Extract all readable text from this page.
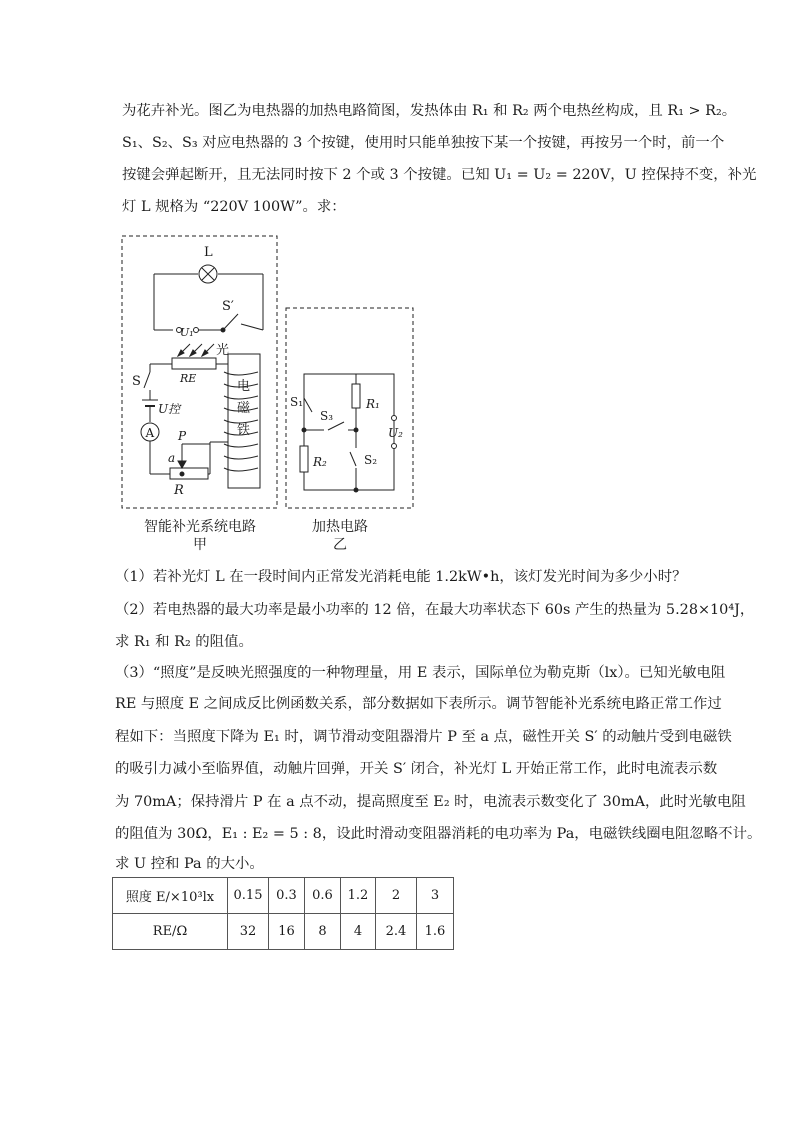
为花卉补光。图乙为电热器的加热电路简图，发热体由 R₁ 和 R₂ 两个电热丝构成，且 R₁ > R₂。
S₁、S₂、S₃ 对应电热器的 3 个按键，使用时只能单独按下某一个按键，再按另一个时，前一个
按键会弹起断开，且无法同时按下 2 个或 3 个按键。已知 U₁ = U₂ = 220V，U 控保持不变，补光
灯 L 规格为 “220V 100W”。求：
L
U₁
S′
光
RE
S
U控
A P
a
R
电
磁
铁
S₁
S₃
R₁
U₂
R₂	S₂
智能补光系统电路
甲
加热电路
乙
（1）若补光灯 L 在一段时间内正常发光消耗电能 1.2kW•h，该灯发光时间为多少小时？
（2）若电热器的最大功率是最小功率的 12 倍，在最大功率状态下 60s 产生的热量为 5.28×10⁴J，
求 R₁ 和 R₂ 的阻值。
（3）“照度”是反映光照强度的一种物理量，用 E 表示，国际单位为勒克斯（lx）。已知光敏电阻
RE 与照度 E 之间成反比例函数关系，部分数据如下表所示。调节智能补光系统电路正常工作过
程如下：当照度下降为 E₁ 时，调节滑动变阻器滑片 P 至 a 点，磁性开关 S′ 的动触片受到电磁铁
的吸引力减小至临界值，动触片回弹，开关 S′ 闭合，补光灯 L 开始正常工作，此时电流表示数
为 70mA；保持滑片 P 在 a 点不动，提高照度至 E₂ 时，电流表示数变化了 30mA，此时光敏电阻
的阻值为 30Ω，E₁ : E₂ = 5 : 8，设此时滑动变阻器消耗的电功率为 Pa，电磁铁线圈电阻忽略不计。
求 U 控和 Pa 的大小。
照度 E/×10³lx	0.15	0.3	0.6	1.2	2	3
RE/Ω	32	16	8	4	2.4	1.6
